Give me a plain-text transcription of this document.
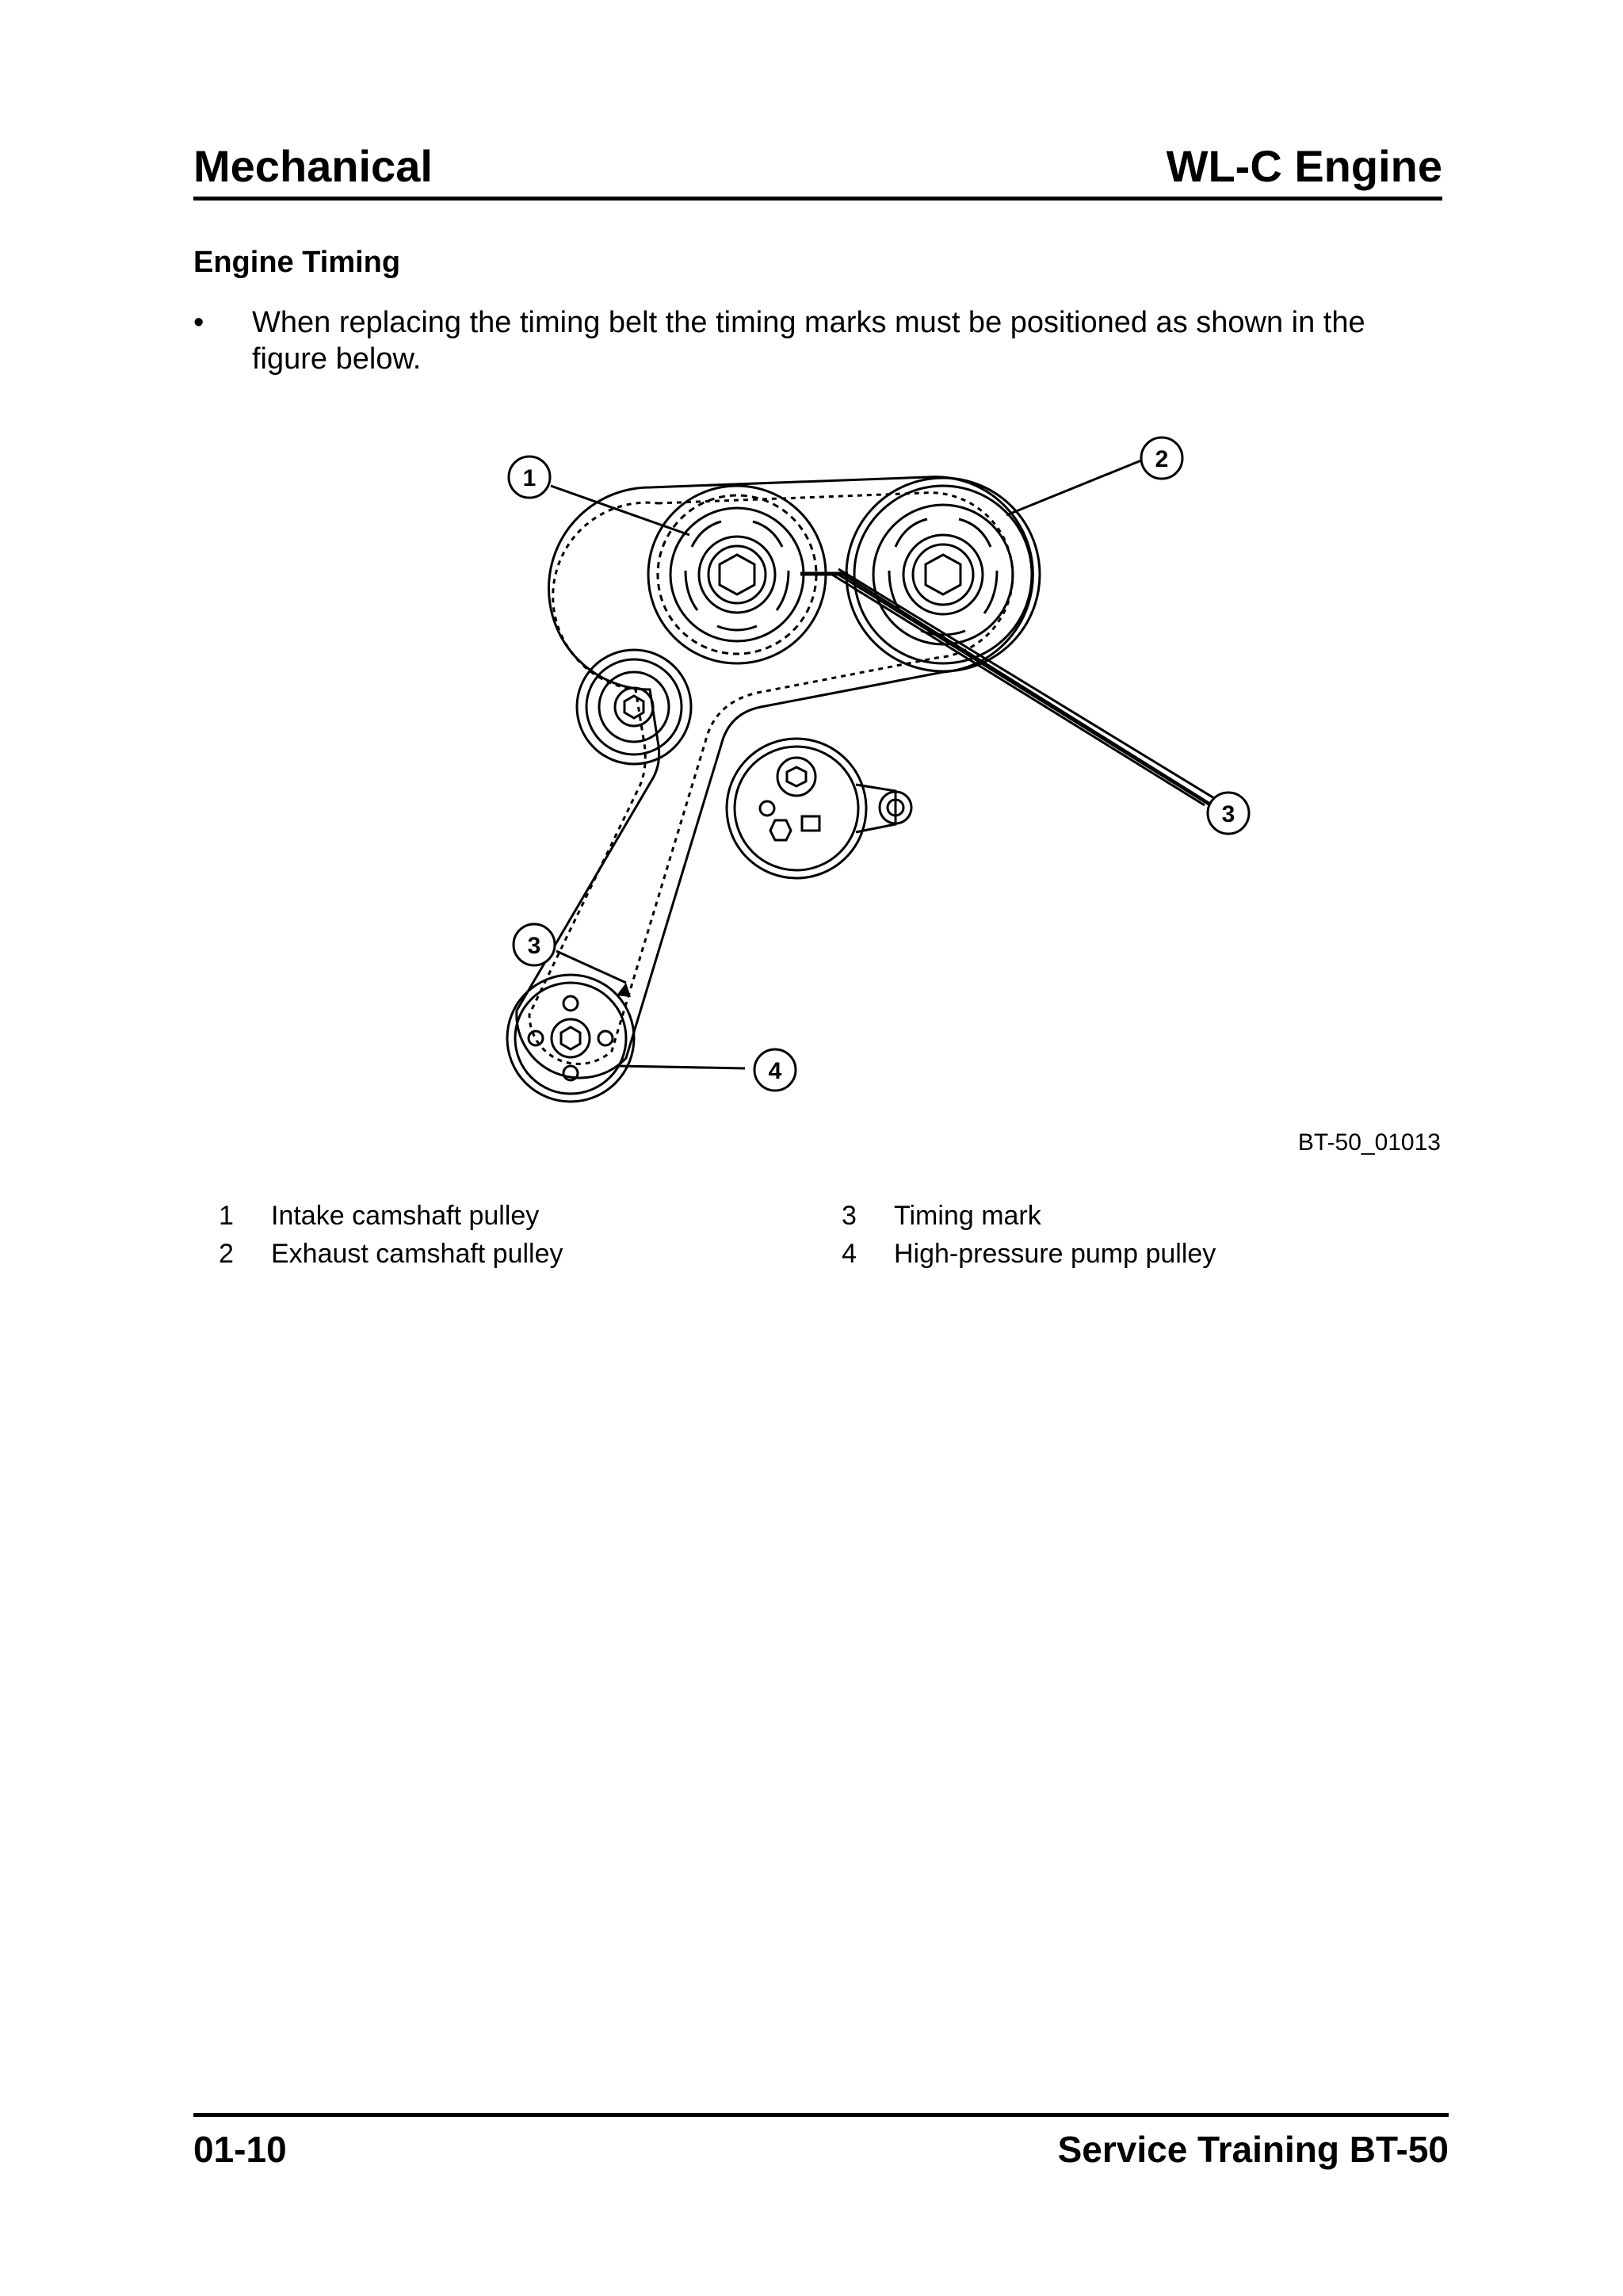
Mechanical	WL-C Engine
Engine Timing
•	When replacing the timing belt the timing marks must be positioned as shown in the figure below.
1
2
3
3
4
BT-50_01013
1	Intake camshaft pulley
2	Exhaust camshaft pulley
3	Timing mark
4	High-pressure pump pulley
01-10	Service Training BT-50
